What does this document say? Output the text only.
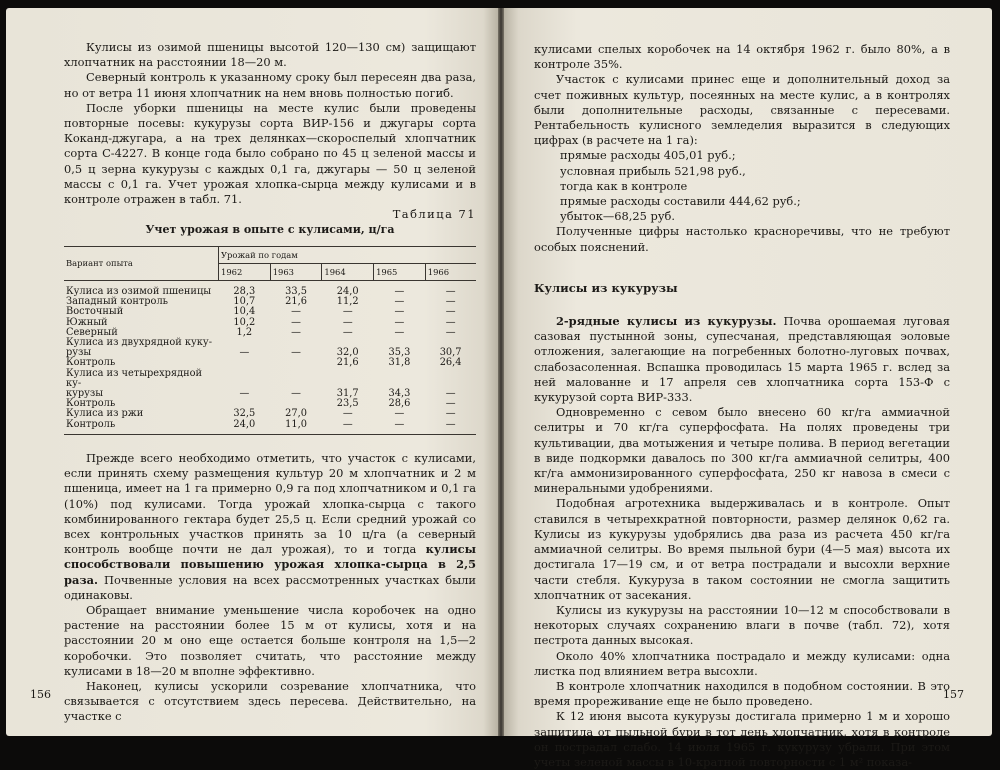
Кулисы из озимой пшеницы высотой 120—130 см) защищают хлопчатник на расстоянии 18—20 м.

Северный контроль к указанному сроку был пересеян два раза, но от ветра 11 июня хлопчатник на нем вновь полностью погиб.

После уборки пшеницы на месте кулис были проведены повторные посевы: кукурузы сорта ВИР-156 и джугары сорта Коканд-джугара, а на трех делянках—скороспелый хлопчатник сорта С-4227. В конце года было собрано по 45 ц зеленой массы и 0,5 ц зерна кукурузы с каждых 0,1 га, джугары — 50 ц зеленой массы с 0,1 га. Учет урожая хлопка-сырца между кулисами и в контроле отражен в табл. 71.

Таблица 71

Учет урожая в опыте с кулисами, ц/га

Вариант опыта	Урожай по годам				
	1962	1963	1964	1965	1966
Кулиса из озимой пшеницы	28,3	33,5	24,0	—	—
Западный контроль	10,7	21,6	11,2	—	—
Восточный	10,4	—	—	—	—
Южный	10,2	—	—	—	—
Северный	1,2	—	—	—	—
Кулиса из двухрядной куку-					
рузы	—	—	32,0	35,3	30,7
Контроль			21,6	31,8	26,4
Кулиса из четырехрядной ку-					
курузы	—	—	31,7	34,3	—
Контроль			23,5	28,6	—
Кулиса из ржи	32,5	27,0	—	—	—
Контроль	24,0	11,0	—	—	—

Прежде всего необходимо отметить, что участок с кулисами, если принять схему размещения культур 20 м хлопчатник и 2 м пшеница, имеет на 1 га примерно 0,9 га под хлопчатником и 0,1 га (10%) под кулисами. Тогда урожай хлопка-сырца с такого комбинированного гектара будет 25,5 ц. Если средний урожай со всех контрольных участков принять за 10 ц/га (а северный контроль вообще почти не дал урожая), то и тогда кулисы способствовали повышению урожая хлопка-сырца в 2,5 раза. Почвенные условия на всех рассмотренных участках были одинаковы.

Обращает внимание уменьшение числа коробочек на одно растение на расстоянии более 15 м от кулисы, хотя и на расстоянии 20 м оно еще остается больше контроля на 1,5—2 коробочки. Это позволяет считать, что расстояние между кулисами в 18—20 м вполне эффективно.

Наконец, кулисы ускорили созревание хлопчатника, что связывается с отсутствием здесь пересева. Действительно, на участке с

156

кулисами спелых коробочек на 14 октября 1962 г. было 80%, а в контроле 35%.

Участок с кулисами принес еще и дополнительный доход за счет поживных культур, посеянных на месте кулис, а в контролях были дополнительные расходы, связанные с пересевами. Рентабельность кулисного земледелия выразится в следующих цифрах (в расчете на 1 га):

прямые расходы 405,01 руб.;

условная прибыль 521,98 руб.,

тогда как в контроле

прямые расходы составили 444,62 руб.;

убыток—68,25 руб.

Полученные цифры настолько красноречивы, что не требуют особых пояснений.

Кулисы из кукурузы

2-рядные кулисы из кукурузы. Почва орошаемая луговая сазовая пустынной зоны, супесчаная, представляющая эоловые отложения, залегающие на погребенных болотно-луговых почвах, слабозасоленная. Вспашка проводилась 15 марта 1965 г. вслед за ней малованне и 17 апреля сев хлопчатника сорта 153-Ф с кукурузой сорта ВИР-333.

Одновременно с севом было внесено 60 кг/га аммиачной селитры и 70 кг/га суперфосфата. На полях проведены три культивации, два мотыжения и четыре полива. В период вегетации в виде подкормки давалось по 300 кг/га аммиачной селитры, 400 кг/га аммонизированного суперфосфата, 250 кг навоза в смеси с минеральными удобрениями.

Подобная агротехника выдерживалась и в контроле. Опыт ставился в четырехкратной повторности, размер делянок 0,62 га. Кулисы из кукурузы удобрялись два раза из расчета 450 кг/га аммиачной селитры. Во время пыльной бури (4—5 мая) высота их достигала 17—19 см, и от ветра пострадали и высохли верхние части стебля. Кукуруза в таком состоянии не смогла защитить хлопчатник от засекания.

Кулисы из кукурузы на расстоянии 10—12 м способствовали в некоторых случаях сохранению влаги в почве (табл. 72), хотя пестрота данных высокая.

Около 40% хлопчатника пострадало и между кулисами: одна листка под влиянием ветра высохли.

В контроле хлопчатник находился в подобном состоянии. В это время прореживание еще не было проведено.

К 12 июня высота кукурузы достигала примерно 1 м и хорошо защитила от пыльной бури в тот день хлопчатник, хотя в контроле он пострадал слабо. 14 июля 1965 г. кукурузу убрали. При этом учеты зеленой массы в 10-кратной повторности с 1 м² показа-

157
